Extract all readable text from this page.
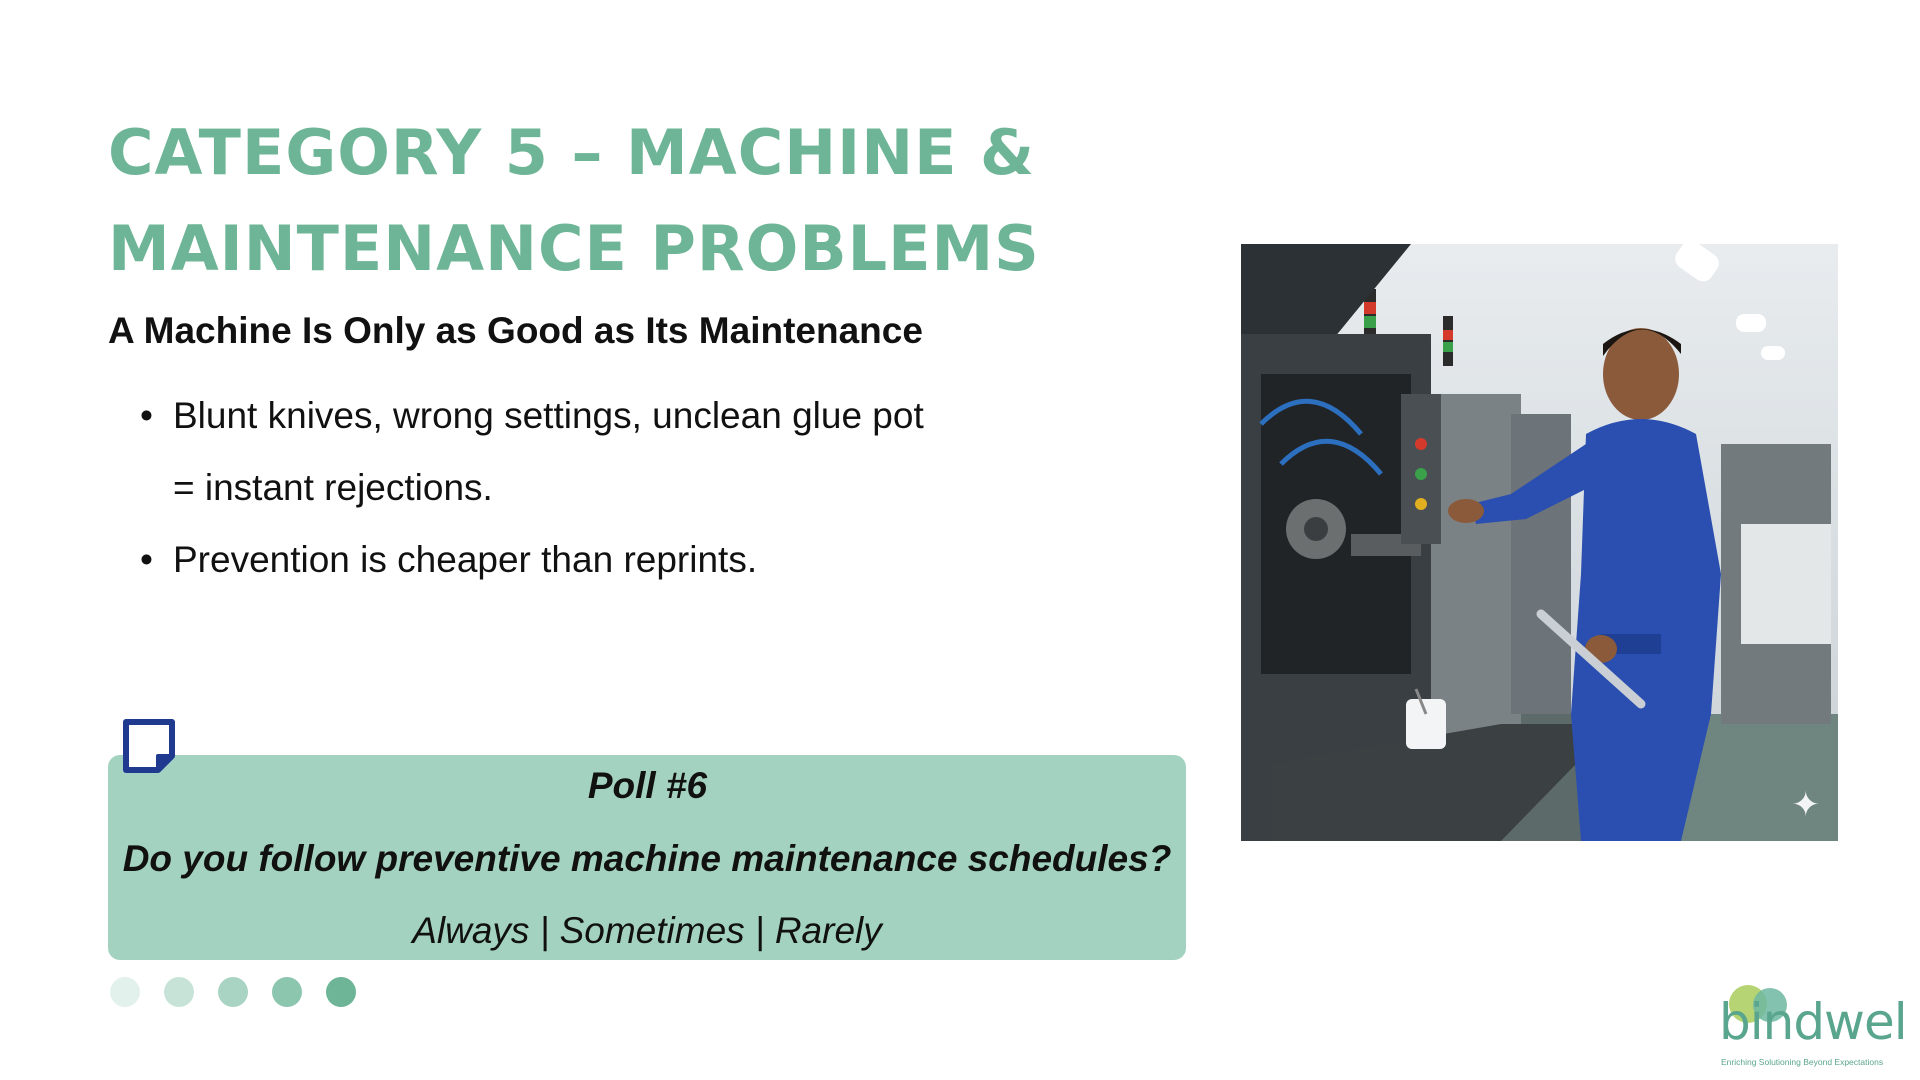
CATEGORY 5 – MACHINE &
MAINTENANCE PROBLEMS
A Machine Is Only as Good as Its Maintenance
• Blunt knives, wrong settings, unclean glue pot
= instant rejections.
• Prevention is cheaper than reprints.
Poll #6
Do you follow preventive machine maintenance schedules?
Always | Sometimes | Rarely
✦
bindwel
Enriching Solutioning Beyond Expectations
